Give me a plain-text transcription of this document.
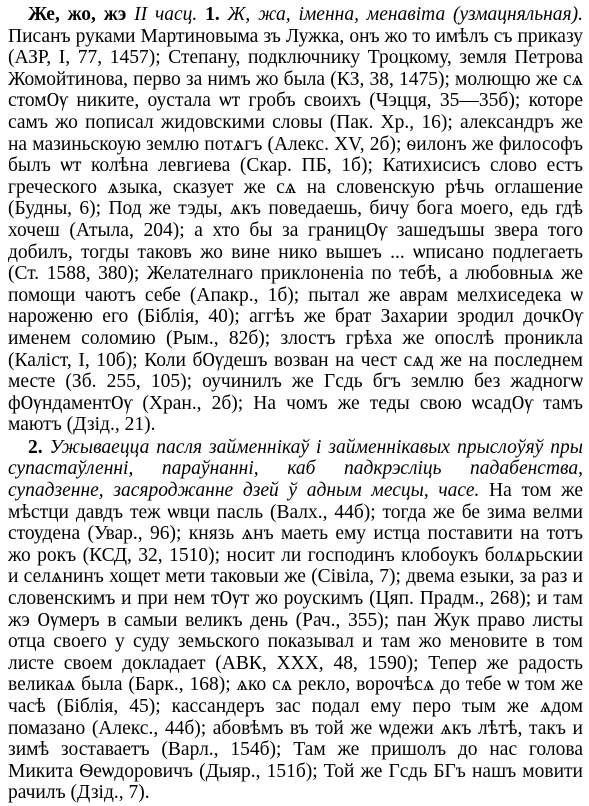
Же, жо, жэ II часц. 1. Ж, жа, iменна, менавiта (узмацняльная). Писанъ руками Мартиновыма зъ Лужка, онъ жо то имѣлъ съ приказу (АЗР, I, 77, 1457); Степану, подключнику Троцкому, земля Петрова Жомойтинова, перво за нимъ жо была (КЗ, 38, 1475); молющю же сѧ стомѸ никите, оустала ѡт гробъ своихъ (Чэцця, 35—35б); которе самъ жо пописал жидовскими словы (Пак. Хр., 16); александръ же на мазиньскоую землю потѧгъ (Алекс. XV, 2б); ѳилонъ же философъ былъ ѡт колѣна левгиева (Скар. ПБ, 1б); Катихисисъ слово естъ греческого ѧзыка, сказует же сѧ на словенскую рѣчь оглашение (Будны, 6); Под же тэды, ѧкъ поведаешь, бичу бога моего, едь гдѣ хочеш (Атыла, 204); а хто бы за границѸ зашедъшы звера того добилъ, тогды таковъ жо вине нико вышеъ ... ѡписано подлегаеть (Ст. 1588, 380); Желателнаго приклоненiа по тебѣ, а любовныѧ же помощи чаютъ себе (Апакр., 1б); пытал же аврам мелхиседека ѡ нароженю его (Бiблiя, 40); аггѣъ же брат Захарии зродил дочкѸ именем соломию (Рым., 82б); злостъ грѣха же опослѣ проникла (Калiст, I, 10б); Коли бѸдешъ возван на чест сѧд же на последнем месте (Зб. 255, 105); оучинилъ же Гсдь бгъ землю без жадногѡ фѸндаментѸ (Хран., 2б); На чомъ же теды свою ѡсадѸ тамъ маютъ (Дзiд., 21).

2. Ужываецца пасля займеннiкаў i займеннiкавых прыслоўяў пры супастаўленнi, параўнаннi, каб падкрэслiць падабенства, супадзенне, засяроджанне дзей ў адным месцы, часе. На том же мѣстци давдъ теж ѡвци пасль (Валх., 44б); тогда же бе зима велми стоудена (Увар., 96); князь ѧнъ маеть ему истца поставити на тотъ жо рокъ (КСД, 32, 1510); носит ли господинъ клобоукъ болѧрьскии и селѧнинъ хощет мети таковыи же (Сiвiла, 7); двема езыки, за раз и словенскимъ и при нем тѸт жо роускимъ (Цяп. Прадм., 268); и там жэ Ѹмеръ в самыи великъ день (Рач., 355); пан Жук право листы отца своего у суду земьского показывал и там жо меновите в том листе своем докладает (АВК, XXX, 48, 1590); Тепер же радость великаѧ была (Барк., 168); ѧко сѧ рекло, ворочѣсѧ до тебе ѡ том же часѣ (Бiблiя, 45); кассандеръ зас подал ему перо тым же ѧдом помазано (Алекс., 44б); абовѣмъ въ той же ѡдежи ѧкъ лѣтѣ, такъ и зимѣ зоставаетъ (Варл., 154б); Там же пришолъ до нас голова Микита Ѳеѡдоровичъ (Дыяр., 151б); Той же Гсдь БГъ нашъ мовити рачилъ (Дзiд., 7).
